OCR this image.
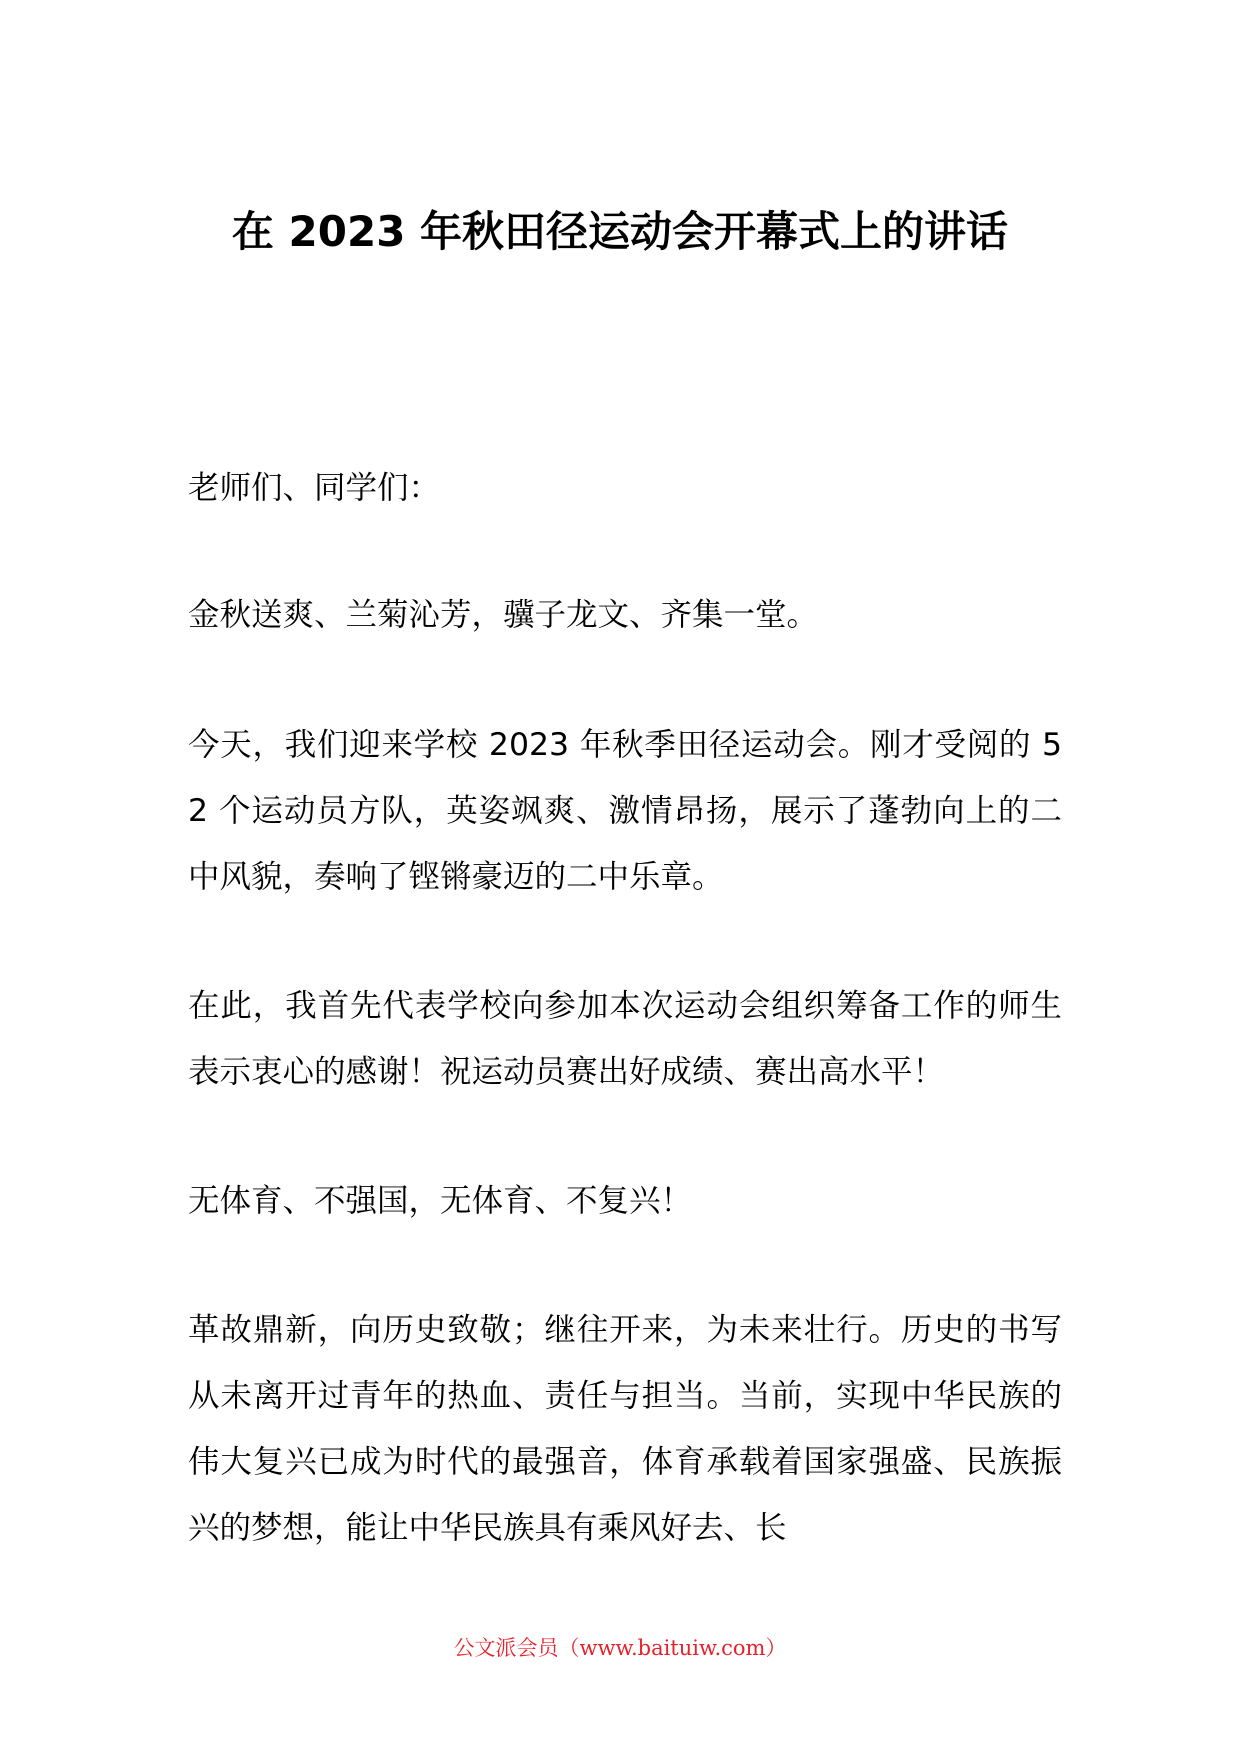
在 2023 年秋田径运动会开幕式上的讲话

老师们、同学们：

金秋送爽、兰菊沁芳，骥子龙文、齐集一堂。

今天，我们迎来学校 2023 年秋季田径运动会。刚才受阅的 52 个运动员方队，英姿飒爽、激情昂扬，展示了蓬勃向上的二中风貌，奏响了铿锵豪迈的二中乐章。

在此，我首先代表学校向参加本次运动会组织筹备工作的师生表示衷心的感谢！祝运动员赛出好成绩、赛出高水平！

无体育、不强国，无体育、不复兴！

革故鼎新，向历史致敬；继往开来，为未来壮行。历史的书写从未离开过青年的热血、责任与担当。当前，实现中华民族的伟大复兴已成为时代的最强音，体育承载着国家强盛、民族振兴的梦想，能让中华民族具有乘风好去、长

公文派会员（www.baituiw.com）
